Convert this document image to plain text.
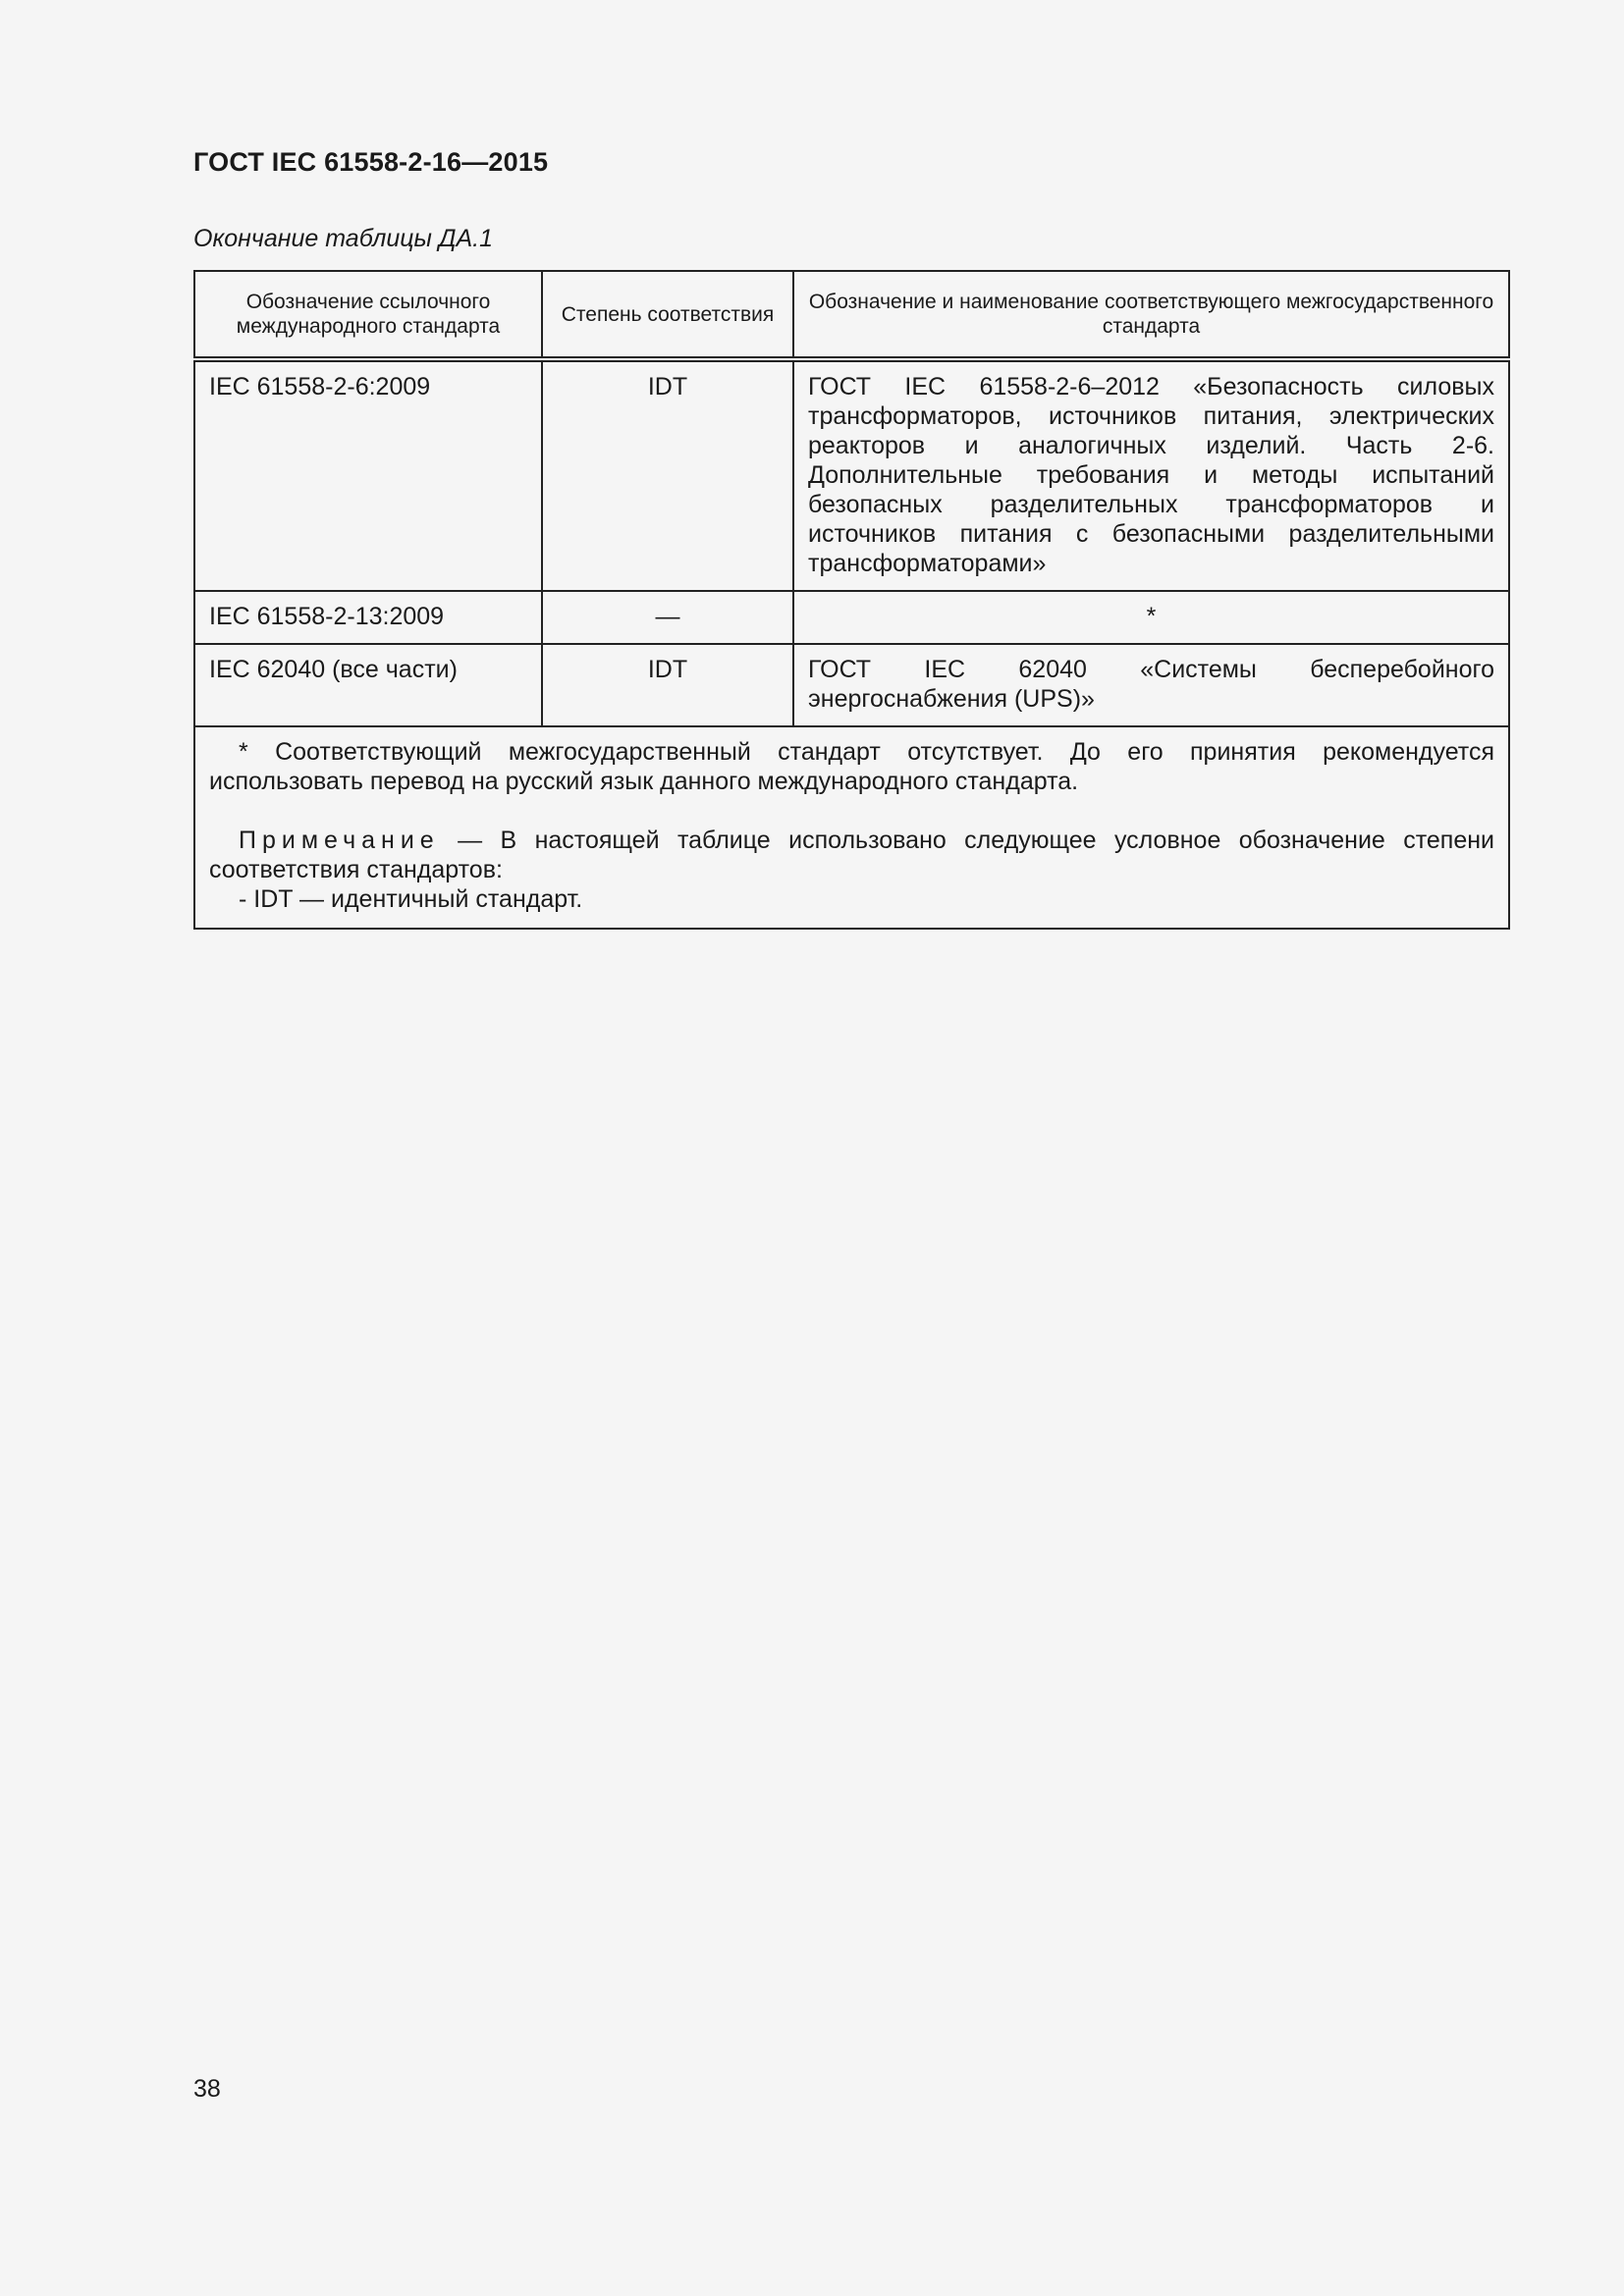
ГОСТ IEC 61558-2-16—2015
Окончание таблицы ДА.1
Обозначение ссылочного международного стандарта	Степень соответствия	Обозначение и наименование соответствующего межгосударственного стандарта
IEC 61558-2-6:2009	IDT	ГОСТ IEC 61558-2-6–2012 «Безопасность силовых трансформаторов, источников питания, электрических реакторов и аналогичных изделий. Часть 2-6. Дополнительные требования и методы испытаний безопасных разделительных трансформаторов и источников питания с безопасными разделительными трансформаторами»
IEC 61558-2-13:2009	—	*
IEC 62040 (все части)	IDT	ГОСТ IEC 62040 «Системы бесперебойного энергоснабжения (UPS)»

* Соответствующий межгосударственный стандарт отсутствует. До его принятия рекомендуется использовать перевод на русский язык данного международного стандарта.

Примечание — В настоящей таблице использовано следующее условное обозначение степени соответствия стандартов:

- IDT — идентичный стандарт.		

38
